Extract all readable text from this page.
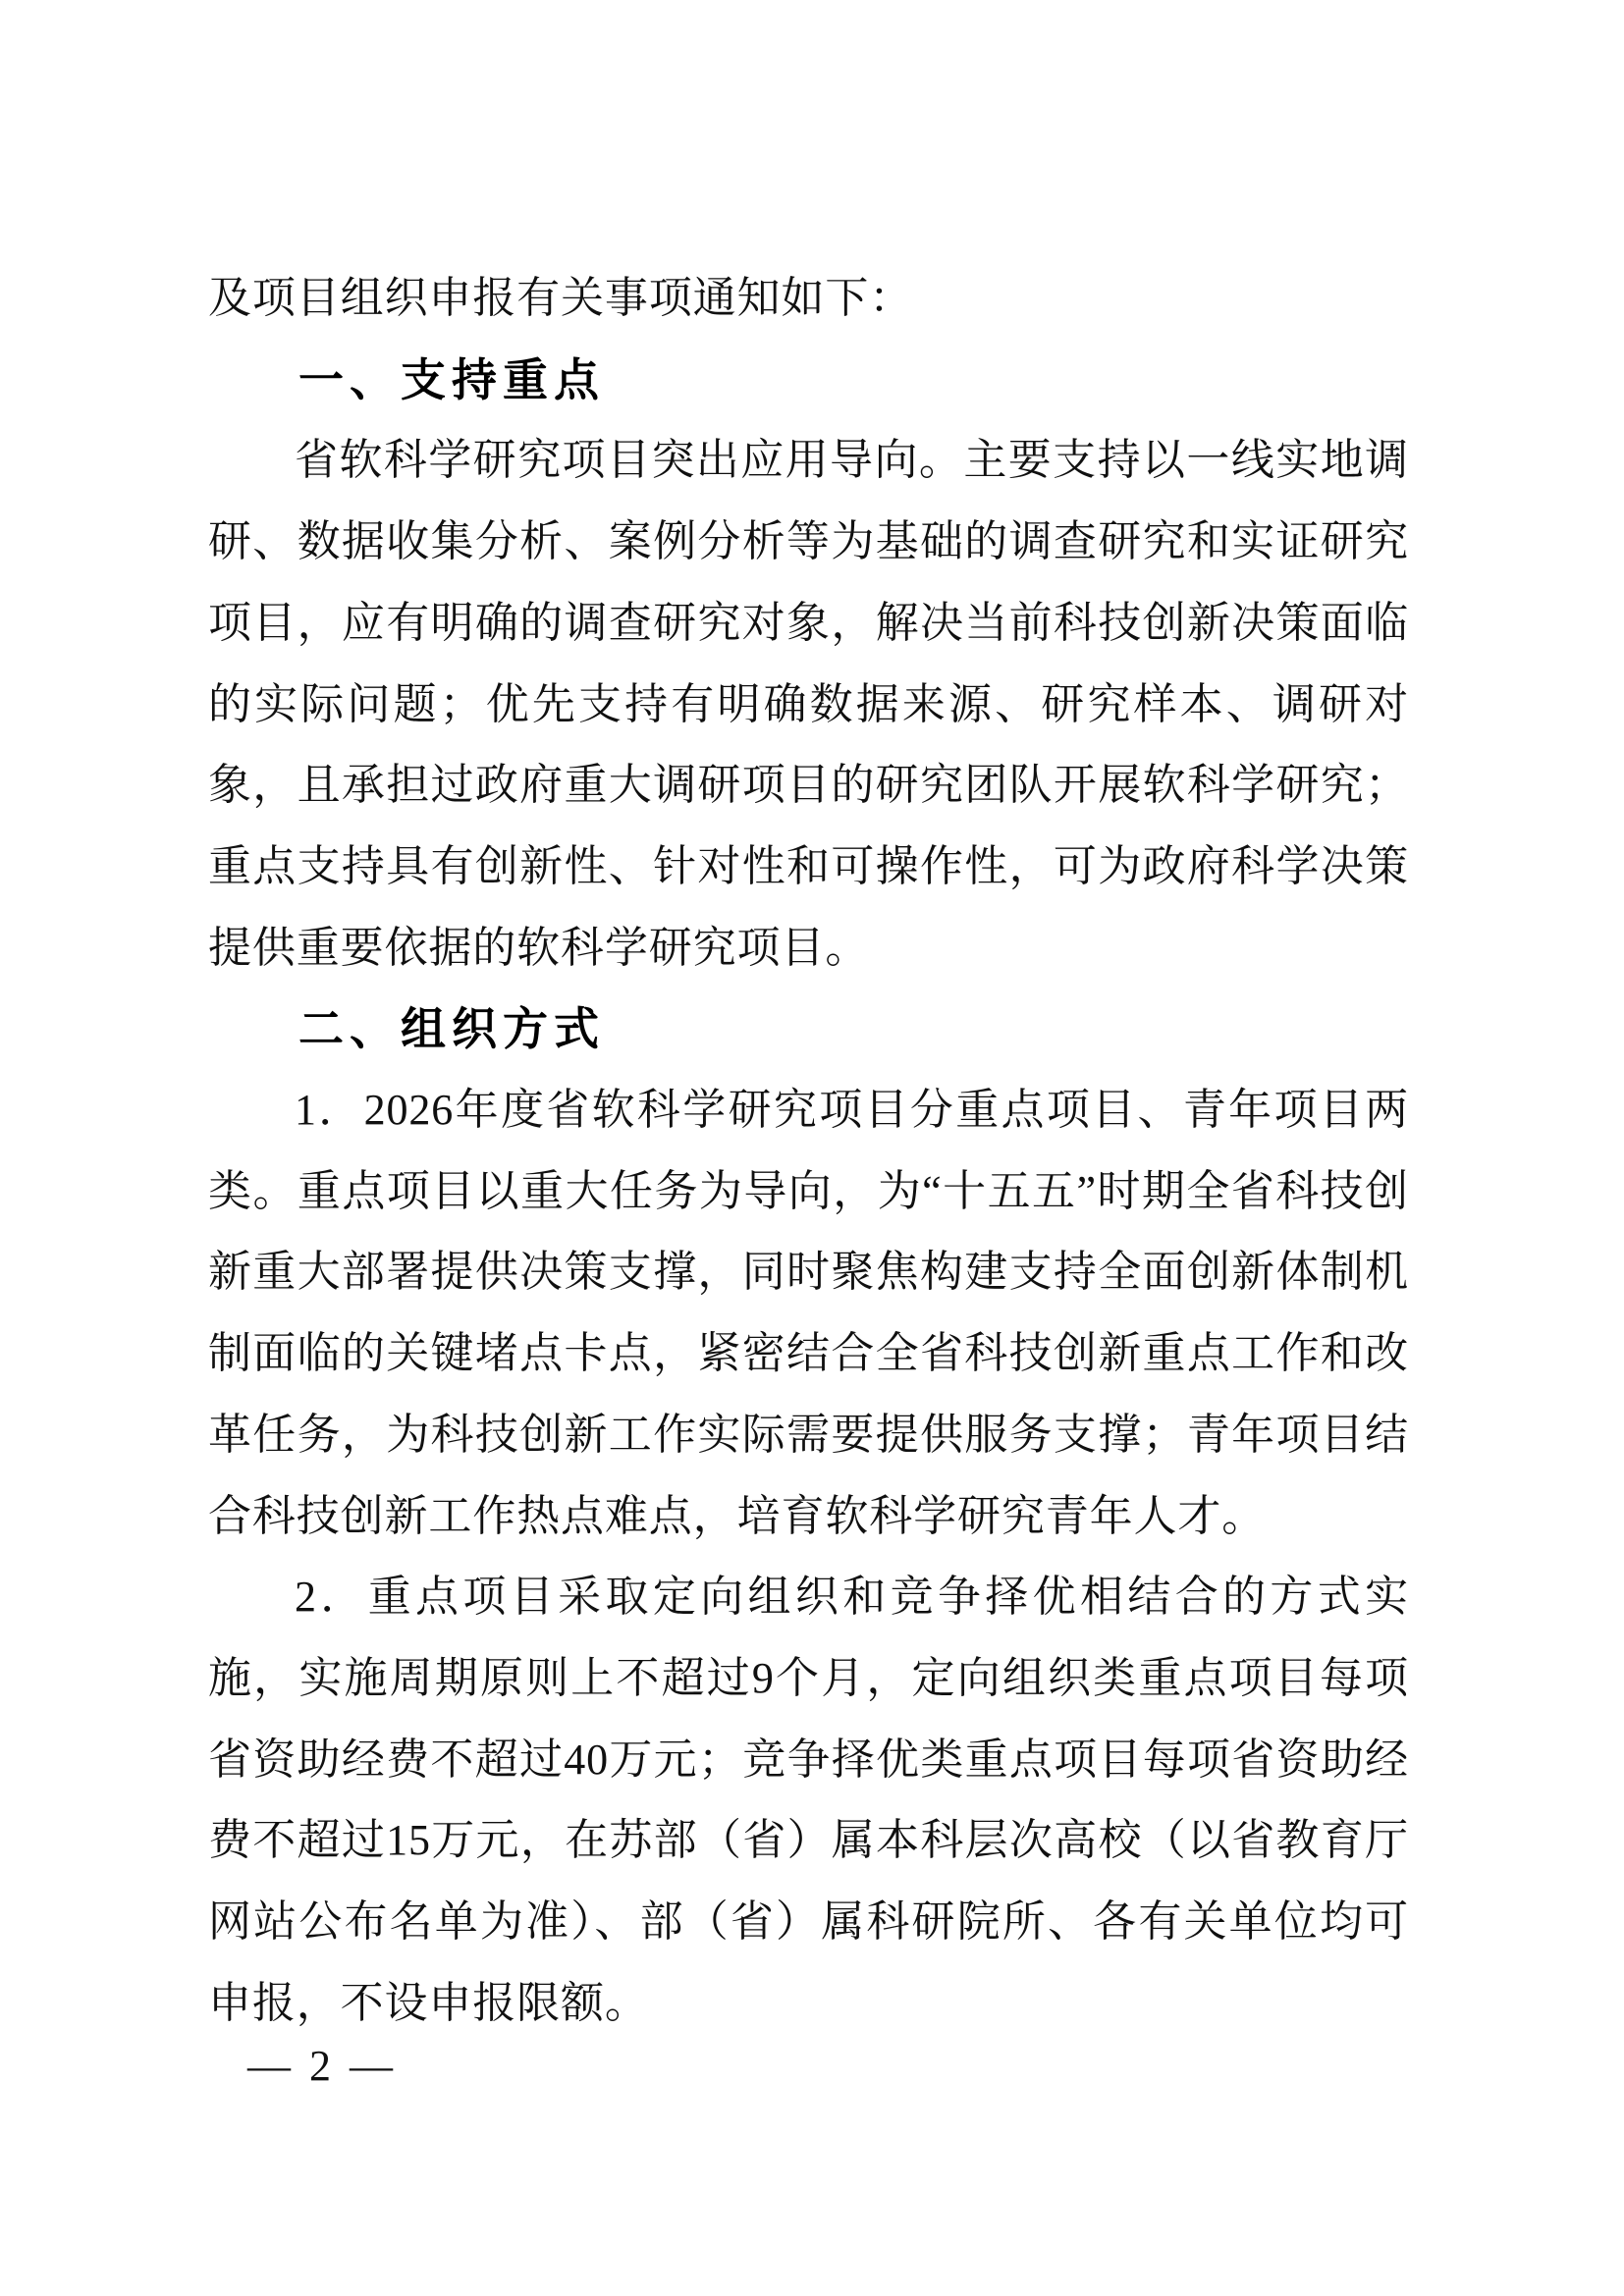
及项目组织申报有关事项通知如下：

一、支持重点

省软科学研究项目突出应用导向。主要支持以一线实地调研、数据收集分析、案例分析等为基础的调查研究和实证研究项目，应有明确的调查研究对象，解决当前科技创新决策面临的实际问题；优先支持有明确数据来源、研究样本、调研对象，且承担过政府重大调研项目的研究团队开展软科学研究；重点支持具有创新性、针对性和可操作性，可为政府科学决策提供重要依据的软科学研究项目。

二、组织方式

1．2026年度省软科学研究项目分重点项目、青年项目两类。重点项目以重大任务为导向，为“十五五”时期全省科技创新重大部署提供决策支撑，同时聚焦构建支持全面创新体制机制面临的关键堵点卡点，紧密结合全省科技创新重点工作和改革任务，为科技创新工作实际需要提供服务支撑；青年项目结合科技创新工作热点难点，培育软科学研究青年人才。

2．重点项目采取定向组织和竞争择优相结合的方式实施，实施周期原则上不超过9个月，定向组织类重点项目每项省资助经费不超过40万元；竞争择优类重点项目每项省资助经费不超过15万元，在苏部（省）属本科层次高校（以省教育厅网站公布名单为准）、部（省）属科研院所、各有关单位均可申报，不设申报限额。

— 2 —
